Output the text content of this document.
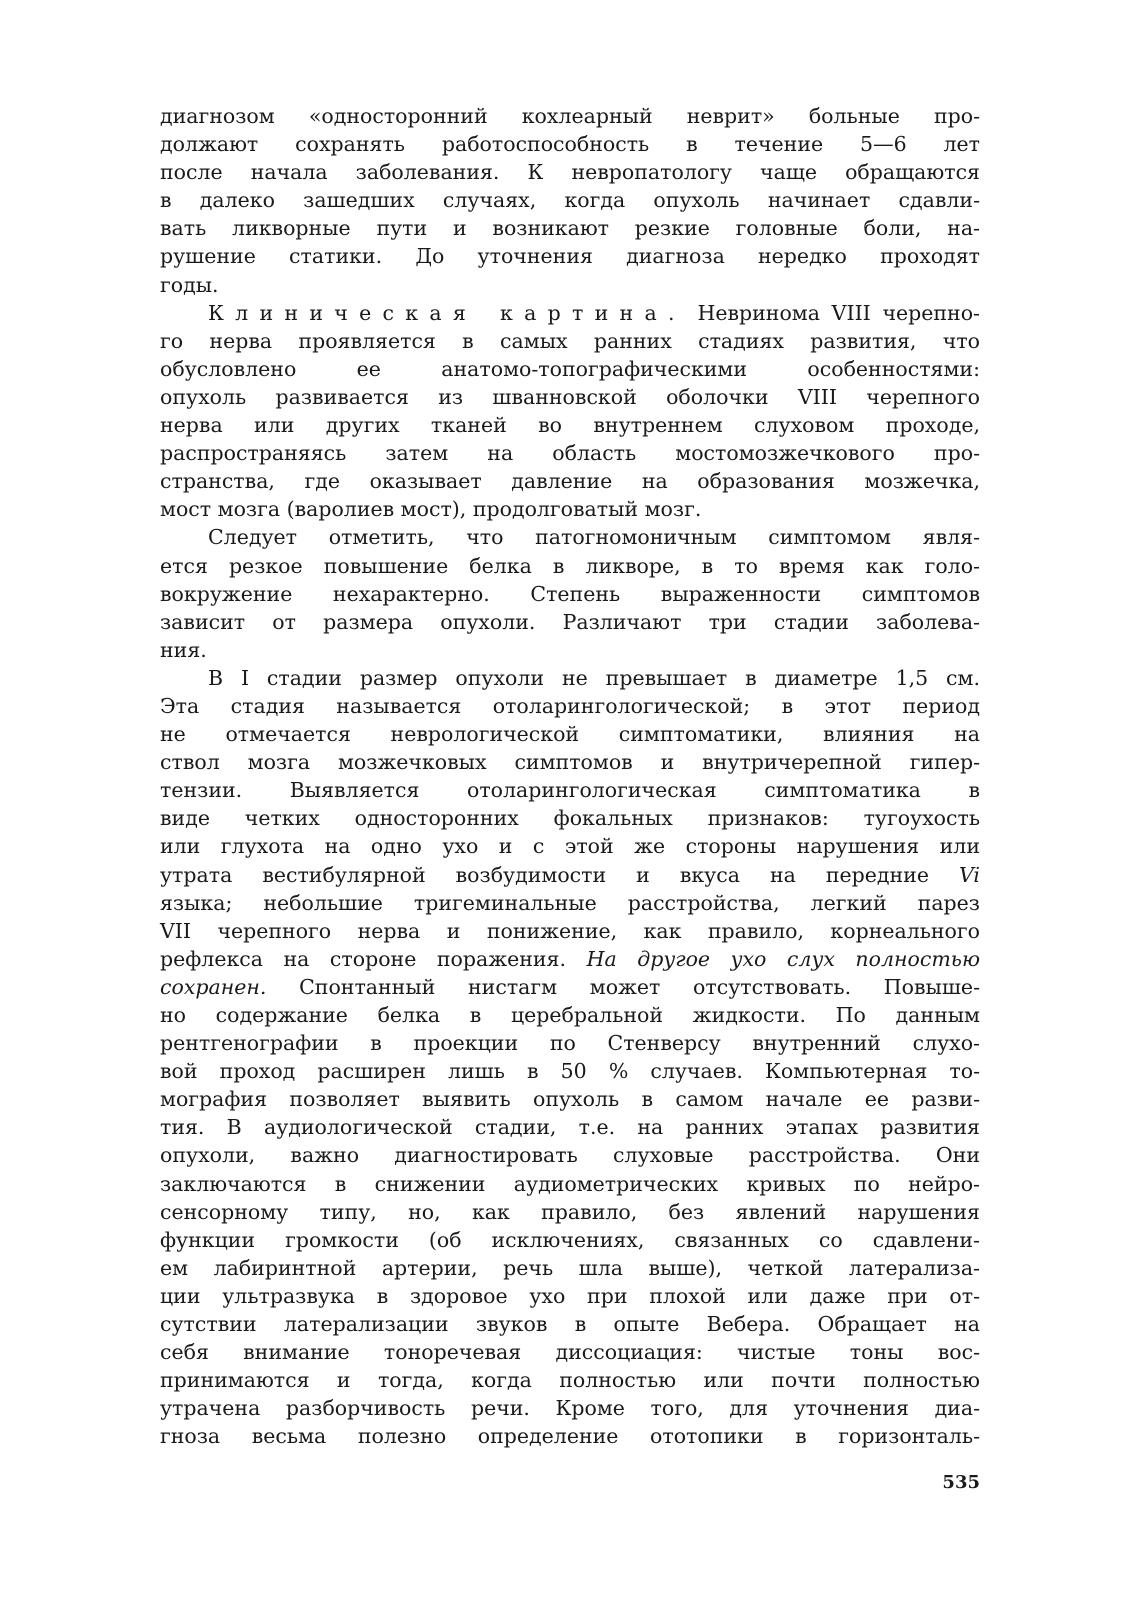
диагнозом «односторонний кохлеарный неврит» больные про-

должают сохранять работоспособность в течение 5—6 лет

после начала заболевания. К невропатологу чаще обращаются

в далеко зашедших случаях, когда опухоль начинает сдавли-

вать ликворные пути и возникают резкие головные боли, на-

рушение статики. До уточнения диагноза нередко проходят

годы.

Клиническая картина. Невринома VIII черепно-

го нерва проявляется в самых ранних стадиях развития, что

обусловлено ее анатомо-топографическими особенностями:

опухоль развивается из шванновской оболочки VIII черепного

нерва или других тканей во внутреннем слуховом проходе,

распространяясь затем на область мостомозжечкового про-

странства, где оказывает давление на образования мозжечка,

мост мозга (варолиев мост), продолговатый мозг.

Следует отметить, что патогномоничным симптомом явля-

ется резкое повышение белка в ликворе, в то время как голо-

вокружение нехарактерно. Степень выраженности симптомов

зависит от размера опухоли. Различают три стадии заболева-

ния.

В I стадии размер опухоли не превышает в диаметре 1,5 см.

Эта стадия называется отоларингологической; в этот период

не отмечается неврологической симптоматики, влияния на

ствол мозга мозжечковых симптомов и внутричерепной гипер-

тензии. Выявляется отоларингологическая симптоматика в

виде четких односторонних фокальных признаков: тугоухость

или глухота на одно ухо и с этой же стороны нарушения или

утрата вестибулярной возбудимости и вкуса на передние Vi

языка; небольшие тригеминальные расстройства, легкий парез

VII черепного нерва и понижение, как правило, корнеального

рефлекса на стороне поражения. На другое ухо слух полностью

сохранен. Спонтанный нистагм может отсутствовать. Повыше-

но содержание белка в церебральной жидкости. По данным

рентгенографии в проекции по Стенверсу внутренний слухо-

вой проход расширен лишь в 50 % случаев. Компьютерная то-

мография позволяет выявить опухоль в самом начале ее разви-

тия. В аудиологической стадии, т.е. на ранних этапах развития

опухоли, важно диагностировать слуховые расстройства. Они

заключаются в снижении аудиометрических кривых по нейро-

сенсорному типу, но, как правило, без явлений нарушения

функции громкости (об исключениях, связанных со сдавлени-

ем лабиринтной артерии, речь шла выше), четкой латерализа-

ции ультразвука в здоровое ухо при плохой или даже при от-

сутствии латерализации звуков в опыте Вебера. Обращает на

себя внимание тоноречевая диссоциация: чистые тоны вос-

принимаются и тогда, когда полностью или почти полностью

утрачена разборчивость речи. Кроме того, для уточнения диа-

гноза весьма полезно определение ототопики в горизонталь-

535
